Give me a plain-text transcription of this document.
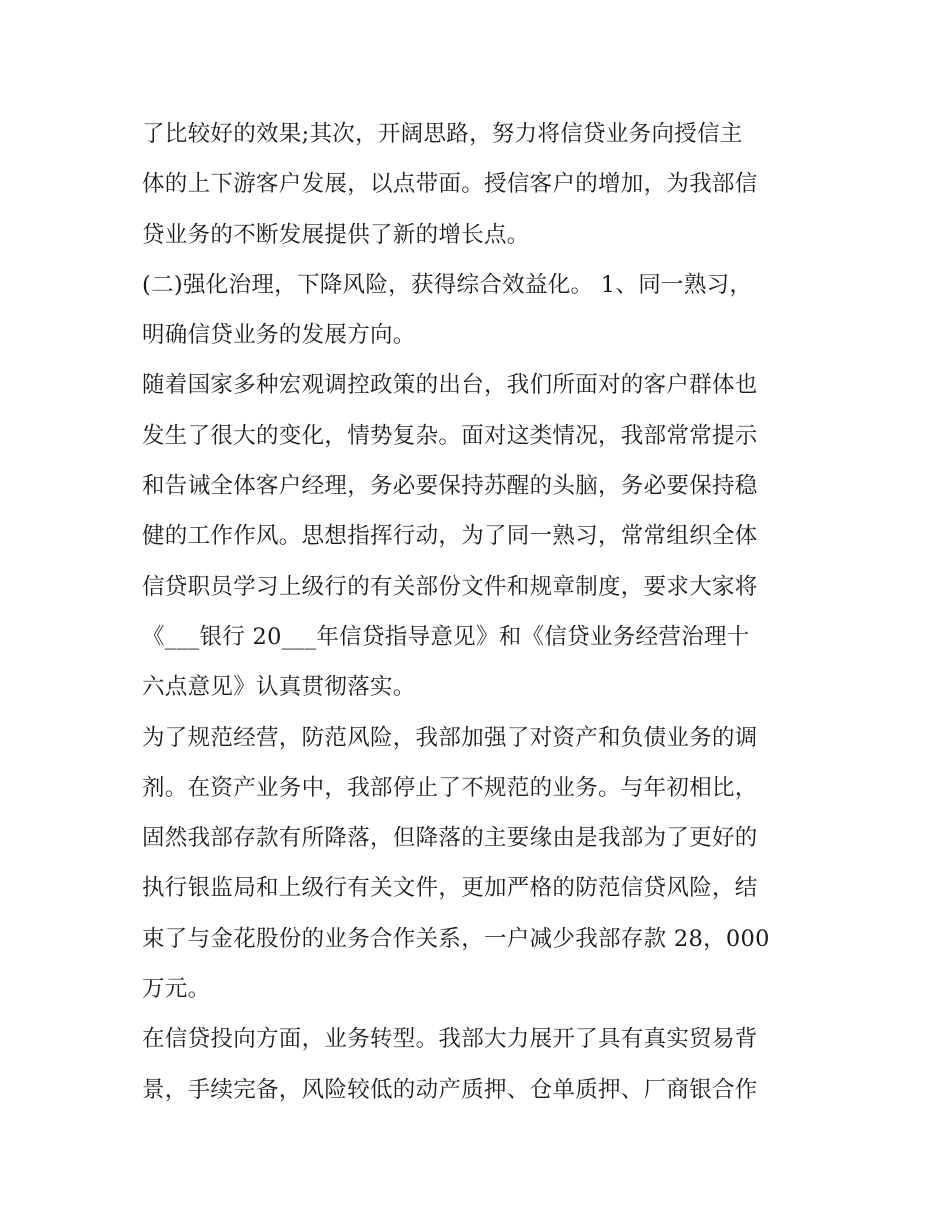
了比较好的效果;其次，开阔思路，努力将信贷业务向授信主
体的上下游客户发展，以点带面。授信客户的增加，为我部信
贷业务的不断发展提供了新的增长点。
(二)强化治理，下降风险，获得综合效益化。 1、同一熟习，
明确信贷业务的发展方向。
随着国家多种宏观调控政策的出台，我们所面对的客户群体也
发生了很大的变化，情势复杂。面对这类情况，我部常常提示
和告诫全体客户经理，务必要保持苏醒的头脑，务必要保持稳
健的工作作风。思想指挥行动，为了同一熟习，常常组织全体
信贷职员学习上级行的有关部份文件和规章制度，要求大家将
《___银行 20___年信贷指导意见》和《信贷业务经营治理十
六点意见》认真贯彻落实。
为了规范经营，防范风险，我部加强了对资产和负债业务的调
剂。在资产业务中，我部停止了不规范的业务。与年初相比，
固然我部存款有所降落，但降落的主要缘由是我部为了更好的
执行银监局和上级行有关文件，更加严格的防范信贷风险，结
束了与金花股份的业务合作关系，一户减少我部存款 28，000
万元。
在信贷投向方面，业务转型。我部大力展开了具有真实贸易背
景，手续完备，风险较低的动产质押、仓单质押、厂商银合作
